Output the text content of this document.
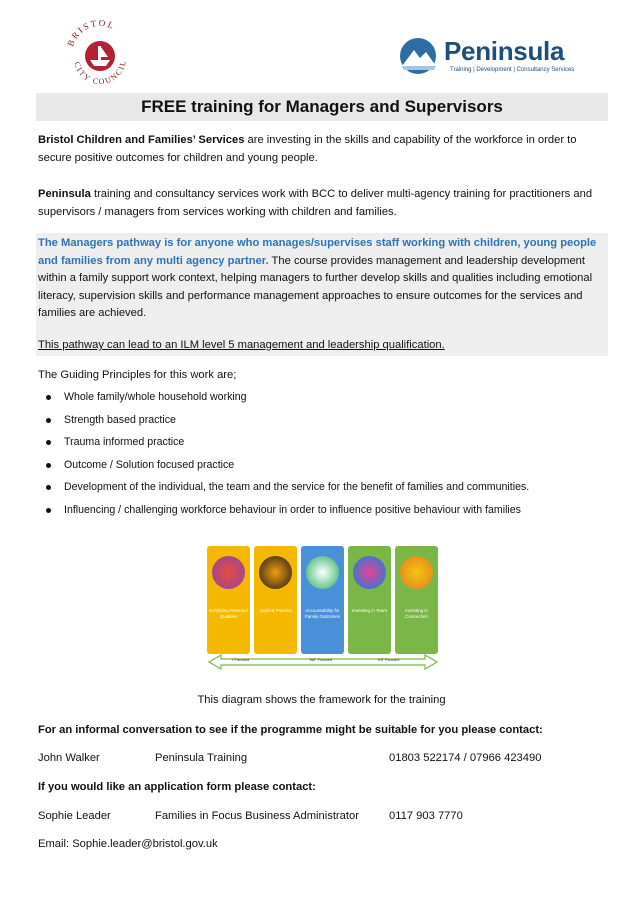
BRISTOL
CITY COUNCIL	Peninsula
Training | Development | Consultancy Services
FREE training for Managers and Supervisors

Bristol Children and Families’ Services are investing in the skills and capability of the workforce in order to secure positive outcomes for children and young people.

Peninsula training and consultancy services work with BCC to deliver multi-agency training for practitioners and supervisors / managers from services working with children and families.

The Managers pathway is for anyone who manages/supervises staff working with children, young people and families from any multi agency partner. The course provides management and leadership development within a family support work context, helping managers to further develop skills and qualities including emotional literacy, supervision skills and performance management approaches to ensure outcomes for the services and families are achieved.

This pathway can lead to an ILM level 5 management and leadership qualification.

The Guiding Principles for this work are;

Whole family/whole household working
Strength based practice
Trauma informed practice
Outcome / Solution focused practice
Development of the individual, the team and the service for the benefit of families and communities.
Influencing / challenging workforce behaviour in order to influence positive behaviour with families
Exhibiting Personal Qualities
Applied Practice	Accountability for Family Outcomes
Investing in Team	Investing in Connection
'I' Focused	'WE' Focused	'US' Focused
This diagram shows the framework for the training
For an informal conversation to see if the programme might be suitable for you please contact:
John Walker	Peninsula Training	01803 522174 / 07966 423490
If you would like an application form please contact:
Sophie Leader	Families in Focus Business Administrator	0117 903 7770
Email: Sophie.leader@bristol.gov.uk
